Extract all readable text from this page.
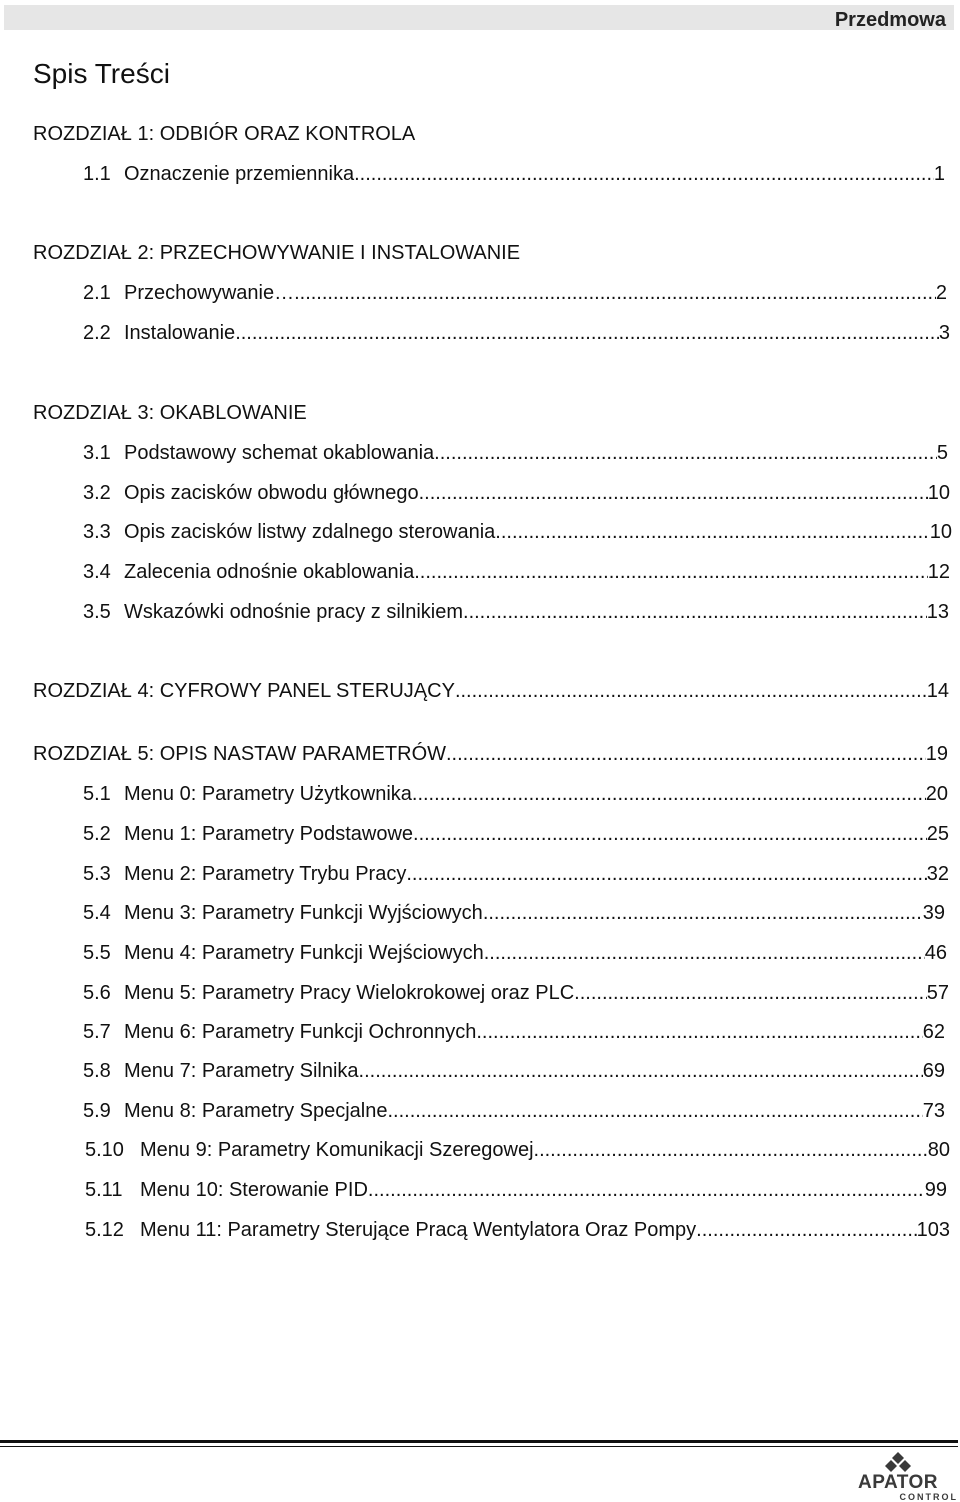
Przedmowa
Spis Treści
ROZDZIAŁ 1: ODBIÓR ORAZ KONTROLA
1.1 Oznaczenie przemiennika .....	1
ROZDZIAŁ 2: PRZECHOWYWANIE I INSTALOWANIE
2.1 Przechowywanie… .....	2
2.2 Instalowanie .....	3
ROZDZIAŁ 3: OKABLOWANIE
3.1 Podstawowy schemat okablowania .....	5
3.2 Opis zacisków obwodu głównego .....	10
3.3 Opis zacisków listwy zdalnego sterowania .....	10
3.4 Zalecenia odnośnie okablowania .....	12
3.5 Wskazówki odnośnie pracy z silnikiem .....	13
ROZDZIAŁ 4: CYFROWY PANEL STERUJĄCY .....	14
ROZDZIAŁ 5: OPIS NASTAW PARAMETRÓW .....	19
5.1 Menu 0: Parametry Użytkownika .....	20
5.2 Menu 1: Parametry Podstawowe .....	25
5.3 Menu 2: Parametry Trybu Pracy .....	32
5.4 Menu 3: Parametry Funkcji Wyjściowych .....	39
5.5 Menu 4: Parametry Funkcji Wejściowych .....	46
5.6 Menu 5: Parametry Pracy Wielokrokowej oraz PLC .....	57
5.7 Menu 6: Parametry Funkcji Ochronnych .....	62
5.8 Menu 7: Parametry Silnika .....	69
5.9 Menu 8: Parametry Specjalne .....	73
5.10 Menu 9: Parametry Komunikacji Szeregowej .....	80
5.11 Menu 10: Sterowanie PID .....	99
5.12 Menu 11: Parametry Sterujące Pracą Wentylatora Oraz Pompy .....	103
APATOR
CONTROL
